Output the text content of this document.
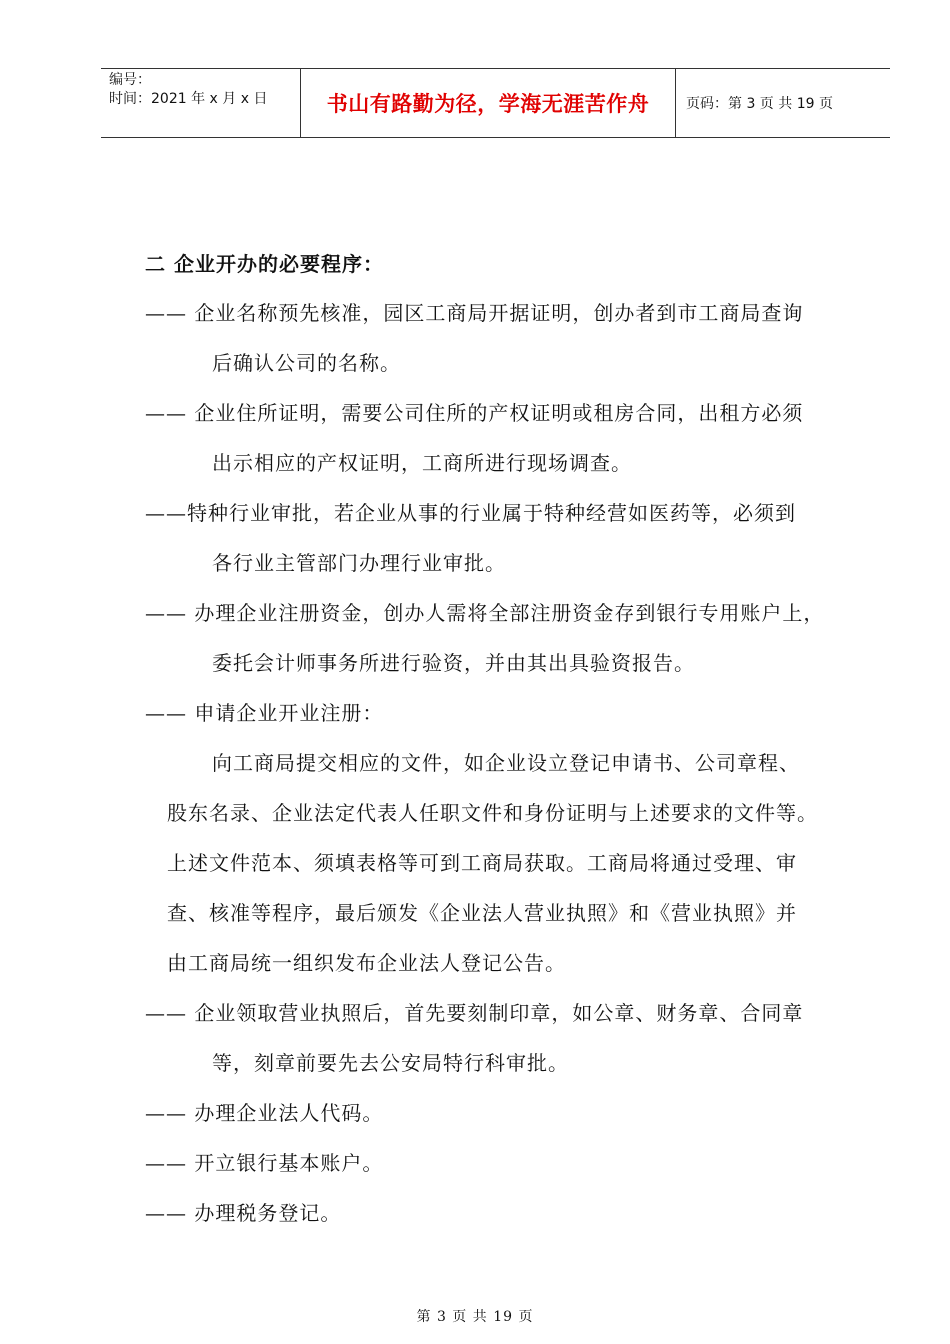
编号：
时间：2021 年 x 月 x 日	书山有路勤为径，学海无涯苦作舟	页码：第 3 页 共 19 页
二 企业开办的必要程序：
—— 企业名称预先核准，园区工商局开据证明，创办者到市工商局查询
后确认公司的名称。
—— 企业住所证明，需要公司住所的产权证明或租房合同，出租方必须
出示相应的产权证明，工商所进行现场调查。
——特种行业审批，若企业从事的行业属于特种经营如医药等，必须到
各行业主管部门办理行业审批。
—— 办理企业注册资金，创办人需将全部注册资金存到银行专用账户上，
委托会计师事务所进行验资，并由其出具验资报告。
—— 申请企业开业注册：
向工商局提交相应的文件，如企业设立登记申请书、公司章程、
股东名录、企业法定代表人任职文件和身份证明与上述要求的文件等。
上述文件范本、须填表格等可到工商局获取。工商局将通过受理、审
查、核准等程序，最后颁发《企业法人营业执照》和《营业执照》并
由工商局统一组织发布企业法人登记公告。
—— 企业领取营业执照后，首先要刻制印章，如公章、财务章、合同章
等，刻章前要先去公安局特行科审批。
—— 办理企业法人代码。
—— 开立银行基本账户。
—— 办理税务登记。
第 3 页 共 19 页
